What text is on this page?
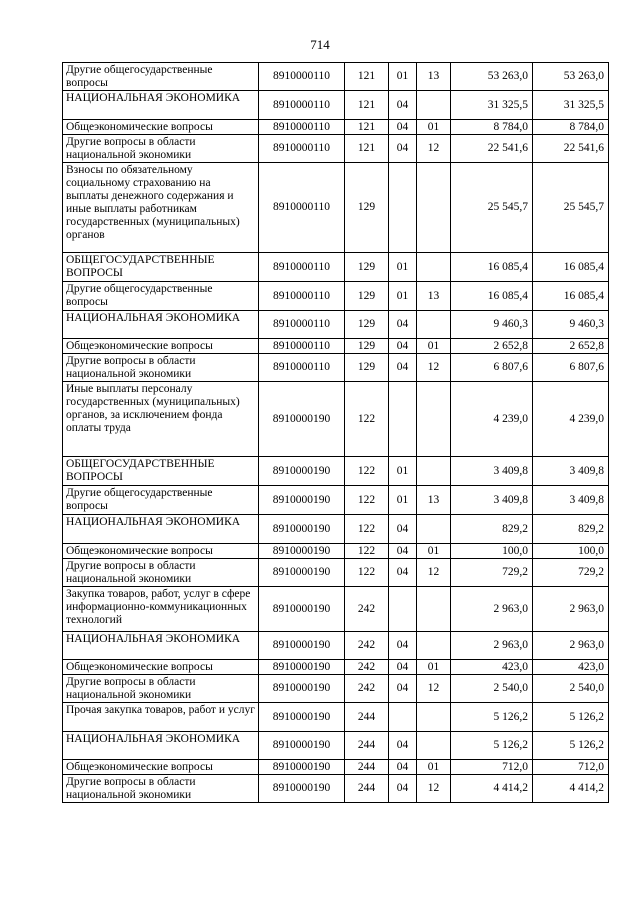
714
Другие общегосударственные вопросы	8910000110	121	01	13	53 263,0	53 263,0
НАЦИОНАЛЬНАЯ ЭКОНОМИКА	8910000110	121	04		31 325,5	31 325,5
Общеэкономические вопросы	8910000110	121	04	01	8 784,0	8 784,0
Другие вопросы в области национальной экономики	8910000110	121	04	12	22 541,6	22 541,6
Взносы по обязательному социальному страхованию на выплаты денежного содержания и иные выплаты работникам государственных (муниципальных) органов	8910000110	129			25 545,7	25 545,7
ОБЩЕГОСУДАРСТВЕННЫЕ ВОПРОСЫ	8910000110	129	01		16 085,4	16 085,4
Другие общегосударственные вопросы	8910000110	129	01	13	16 085,4	16 085,4
НАЦИОНАЛЬНАЯ ЭКОНОМИКА	8910000110	129	04		9 460,3	9 460,3
Общеэкономические вопросы	8910000110	129	04	01	2 652,8	2 652,8
Другие вопросы в области национальной экономики	8910000110	129	04	12	6 807,6	6 807,6
Иные выплаты персоналу государственных (муниципальных) органов, за исключением фонда оплаты труда	8910000190	122			4 239,0	4 239,0
ОБЩЕГОСУДАРСТВЕННЫЕ ВОПРОСЫ	8910000190	122	01		3 409,8	3 409,8
Другие общегосударственные вопросы	8910000190	122	01	13	3 409,8	3 409,8
НАЦИОНАЛЬНАЯ ЭКОНОМИКА	8910000190	122	04		829,2	829,2
Общеэкономические вопросы	8910000190	122	04	01	100,0	100,0
Другие вопросы в области национальной экономики	8910000190	122	04	12	729,2	729,2
Закупка товаров, работ, услуг в сфере информационно-коммуникационных технологий	8910000190	242			2 963,0	2 963,0
НАЦИОНАЛЬНАЯ ЭКОНОМИКА	8910000190	242	04		2 963,0	2 963,0
Общеэкономические вопросы	8910000190	242	04	01	423,0	423,0
Другие вопросы в области национальной экономики	8910000190	242	04	12	2 540,0	2 540,0
Прочая закупка товаров, работ и услуг	8910000190	244			5 126,2	5 126,2
НАЦИОНАЛЬНАЯ ЭКОНОМИКА	8910000190	244	04		5 126,2	5 126,2
Общеэкономические вопросы	8910000190	244	04	01	712,0	712,0
Другие вопросы в области национальной экономики	8910000190	244	04	12	4 414,2	4 414,2
